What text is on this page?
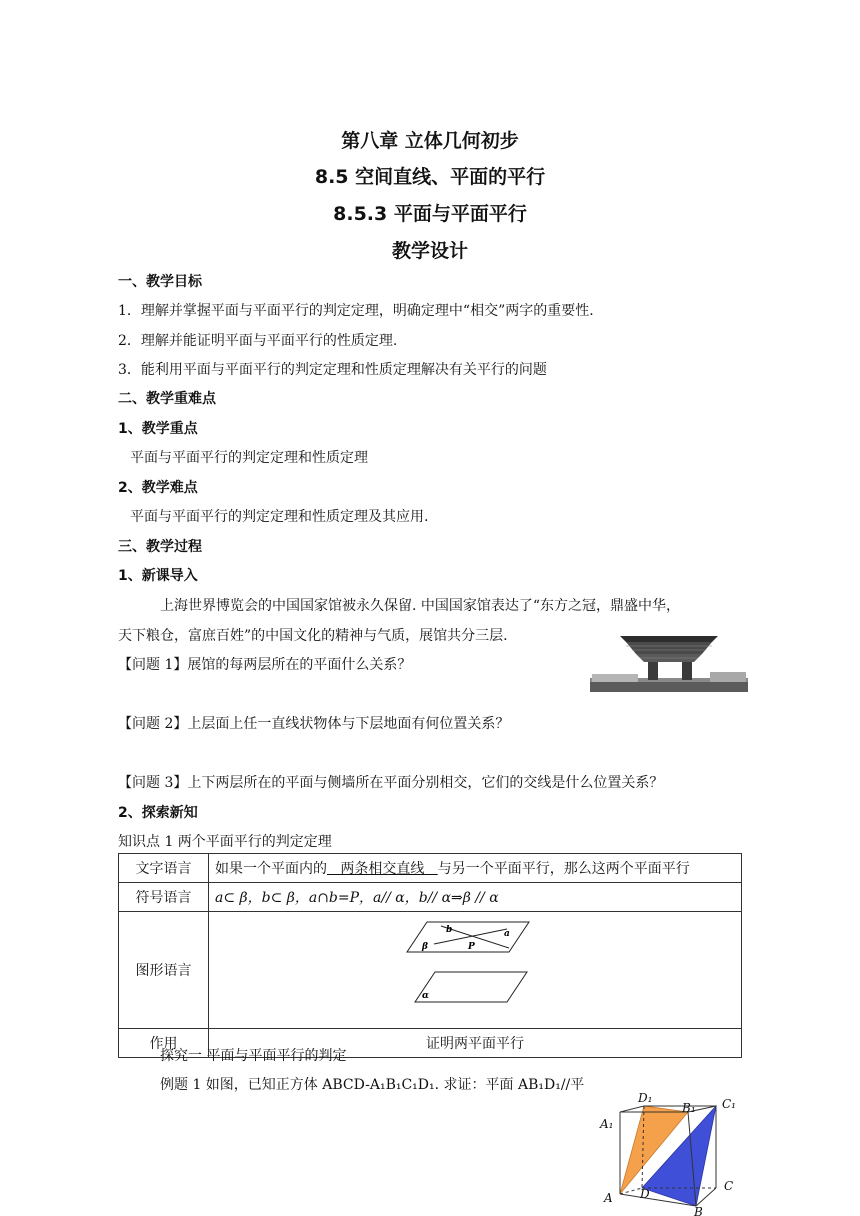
第八章 立体几何初步
8.5 空间直线、平面的平行
8.5.3 平面与平面平行
教学设计
一、教学目标
1．理解并掌握平面与平面平行的判定定理，明确定理中“相交”两字的重要性.
2．理解并能证明平面与平面平行的性质定理.
3．能利用平面与平面平行的判定定理和性质定理解决有关平行的问题
二、教学重难点
1、教学重点
平面与平面平行的判定定理和性质定理
2、教学难点
平面与平面平行的判定定理和性质定理及其应用.
三、教学过程
1、新课导入
上海世界博览会的中国国家馆被永久保留. 中国国家馆表达了“东方之冠，鼎盛中华，
天下粮仓，富庶百姓”的中国文化的精神与气质，展馆共分三层.
【问题 1】展馆的每两层所在的平面什么关系？
【问题 2】上层面上任一直线状物体与下层地面有何位置关系？
【问题 3】上下两层所在的平面与侧墙所在平面分别相交，它们的交线是什么位置关系？
2、探索新知
知识点 1 两个平面平行的判定定理
文字语言	如果一个平面内的   两条相交直线   与另一个平面平行，那么这两个平面平行
符号语言	a⊂ β，b⊂ β，a∩b=P，a// α，b// α⇒β // α
图形语言	b a
P
β
α

作用	证明两平面平行
探究一 平面与平面平行的判定
例题 1 如图，已知正方体 ABCD-A₁B₁C₁D₁. 求证：平面 AB₁D₁//平
A₁
D₁
B₁ C₁
A D
B
C
